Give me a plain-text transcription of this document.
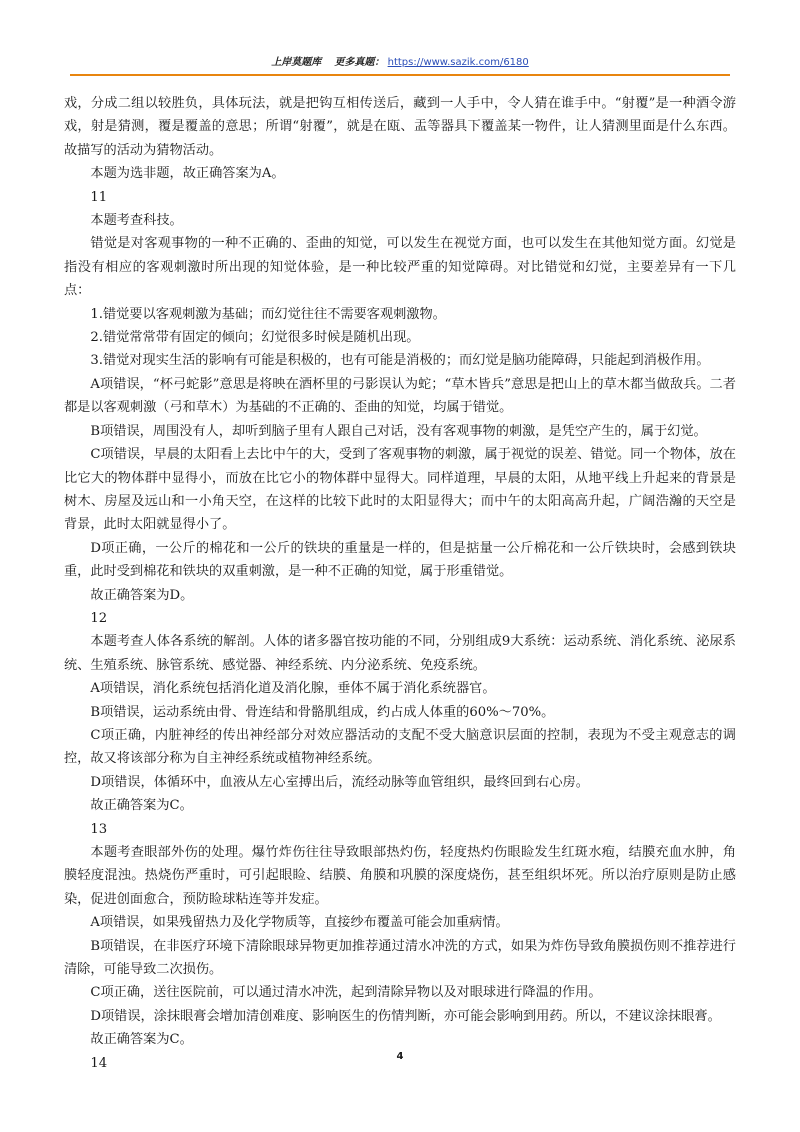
上岸莫题库 更多真题： https://www.sazik.com/6180

戏，分成二组以较胜负，具体玩法，就是把钩互相传送后，藏到一人手中，令人猜在谁手中。“射覆”是一种酒令游戏，射是猜测，覆是覆盖的意思；所谓“射覆”，就是在瓯、盂等器具下覆盖某一物件，让人猜测里面是什么东西。故描写的活动为猜物活动。

本题为选非题，故正确答案为A。

11

本题考查科技。

错觉是对客观事物的一种不正确的、歪曲的知觉，可以发生在视觉方面，也可以发生在其他知觉方面。幻觉是指没有相应的客观刺激时所出现的知觉体验，是一种比较严重的知觉障碍。对比错觉和幻觉，主要差异有一下几点：

1.错觉要以客观刺激为基础；而幻觉往往不需要客观刺激物。

2.错觉常常带有固定的倾向；幻觉很多时候是随机出现。

3.错觉对现实生活的影响有可能是积极的，也有可能是消极的；而幻觉是脑功能障碍，只能起到消极作用。

A项错误，“杯弓蛇影”意思是将映在酒杯里的弓影误认为蛇；“草木皆兵”意思是把山上的草木都当做敌兵。二者都是以客观刺激（弓和草木）为基础的不正确的、歪曲的知觉，均属于错觉。

B项错误，周围没有人，却听到脑子里有人跟自己对话，没有客观事物的刺激，是凭空产生的，属于幻觉。

C项错误，早晨的太阳看上去比中午的大，受到了客观事物的刺激，属于视觉的误差、错觉。同一个物体，放在比它大的物体群中显得小，而放在比它小的物体群中显得大。同样道理，早晨的太阳，从地平线上升起来的背景是树木、房屋及远山和一小角天空，在这样的比较下此时的太阳显得大；而中午的太阳高高升起，广阔浩瀚的天空是背景，此时太阳就显得小了。

D项正确，一公斤的棉花和一公斤的铁块的重量是一样的，但是掂量一公斤棉花和一公斤铁块时，会感到铁块重，此时受到棉花和铁块的双重刺激，是一种不正确的知觉，属于形重错觉。

故正确答案为D。

12

本题考查人体各系统的解剖。人体的诸多器官按功能的不同，分别组成9大系统：运动系统、消化系统、泌尿系统、生殖系统、脉管系统、感觉器、神经系统、内分泌系统、免疫系统。

A项错误，消化系统包括消化道及消化腺，垂体不属于消化系统器官。

B项错误，运动系统由骨、骨连结和骨骼肌组成，约占成人体重的60%～70%。

C项正确，内脏神经的传出神经部分对效应器活动的支配不受大脑意识层面的控制，表现为不受主观意志的调控，故又将该部分称为自主神经系统或植物神经系统。

D项错误，体循环中，血液从左心室搏出后，流经动脉等血管组织，最终回到右心房。

故正确答案为C。

13

本题考查眼部外伤的处理。爆竹炸伤往往导致眼部热灼伤，轻度热灼伤眼睑发生红斑水疱，结膜充血水肿，角膜轻度混浊。热烧伤严重时，可引起眼睑、结膜、角膜和巩膜的深度烧伤，甚至组织坏死。所以治疗原则是防止感染，促进创面愈合，预防睑球粘连等并发症。

A项错误，如果残留热力及化学物质等，直接纱布覆盖可能会加重病情。

B项错误，在非医疗环境下清除眼球异物更加推荐通过清水冲洗的方式，如果为炸伤导致角膜损伤则不推荐进行清除，可能导致二次损伤。

C项正确，送往医院前，可以通过清水冲洗，起到清除异物以及对眼球进行降温的作用。

D项错误，涂抹眼膏会增加清创难度、影响医生的伤情判断，亦可能会影响到用药。所以，不建议涂抹眼膏。

故正确答案为C。

14	4
